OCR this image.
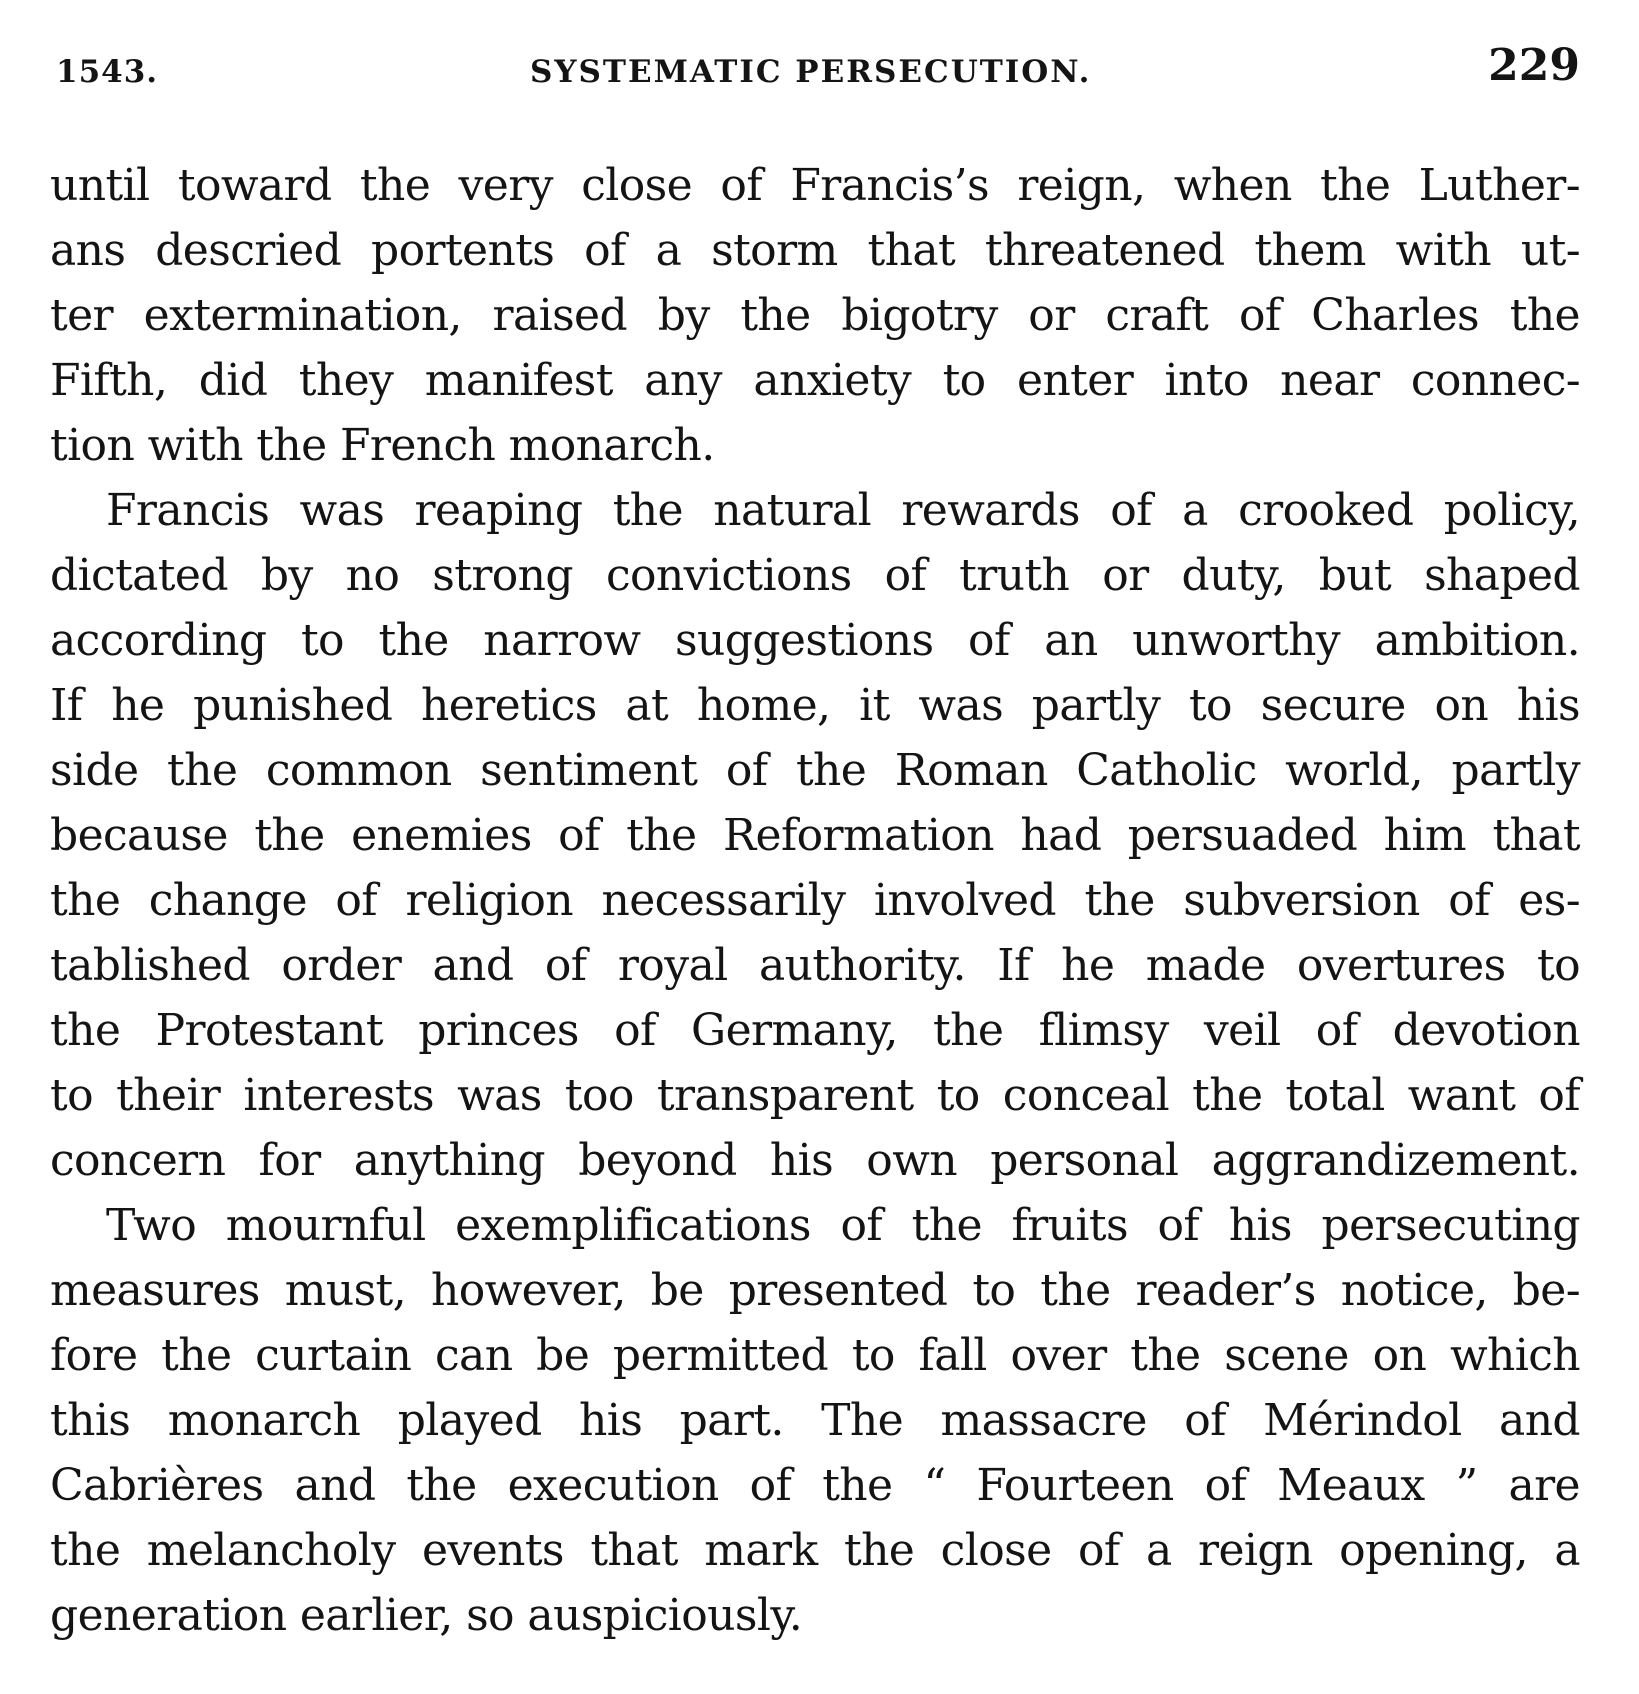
1543.	SYSTEMATIC PERSECUTION.	229
until toward the very close of Francis’s reign, when the Luther-
ans descried portents of a storm that threatened them with ut-
ter extermination, raised by the bigotry or craft of Charles the
Fifth, did they manifest any anxiety to enter into near connec-
tion with the French monarch.
Francis was reaping the natural rewards of a crooked policy,
dictated by no strong convictions of truth or duty, but shaped
according to the narrow suggestions of an unworthy ambition.
If he punished heretics at home, it was partly to secure on his
side the common sentiment of the Roman Catholic world, partly
because the enemies of the Reformation had persuaded him that
the change of religion necessarily involved the subversion of es-
tablished order and of royal authority. If he made overtures to
the Protestant princes of Germany, the flimsy veil of devotion
to their interests was too transparent to conceal the total want of
concern for anything beyond his own personal aggrandizement.
Two mournful exemplifications of the fruits of his persecuting
measures must, however, be presented to the reader’s notice, be-
fore the curtain can be permitted to fall over the scene on which
this monarch played his part. The massacre of Mérindol and
Cabrières and the execution of the “ Fourteen of Meaux ” are
the melancholy events that mark the close of a reign opening, a
generation earlier, so auspiciously.
